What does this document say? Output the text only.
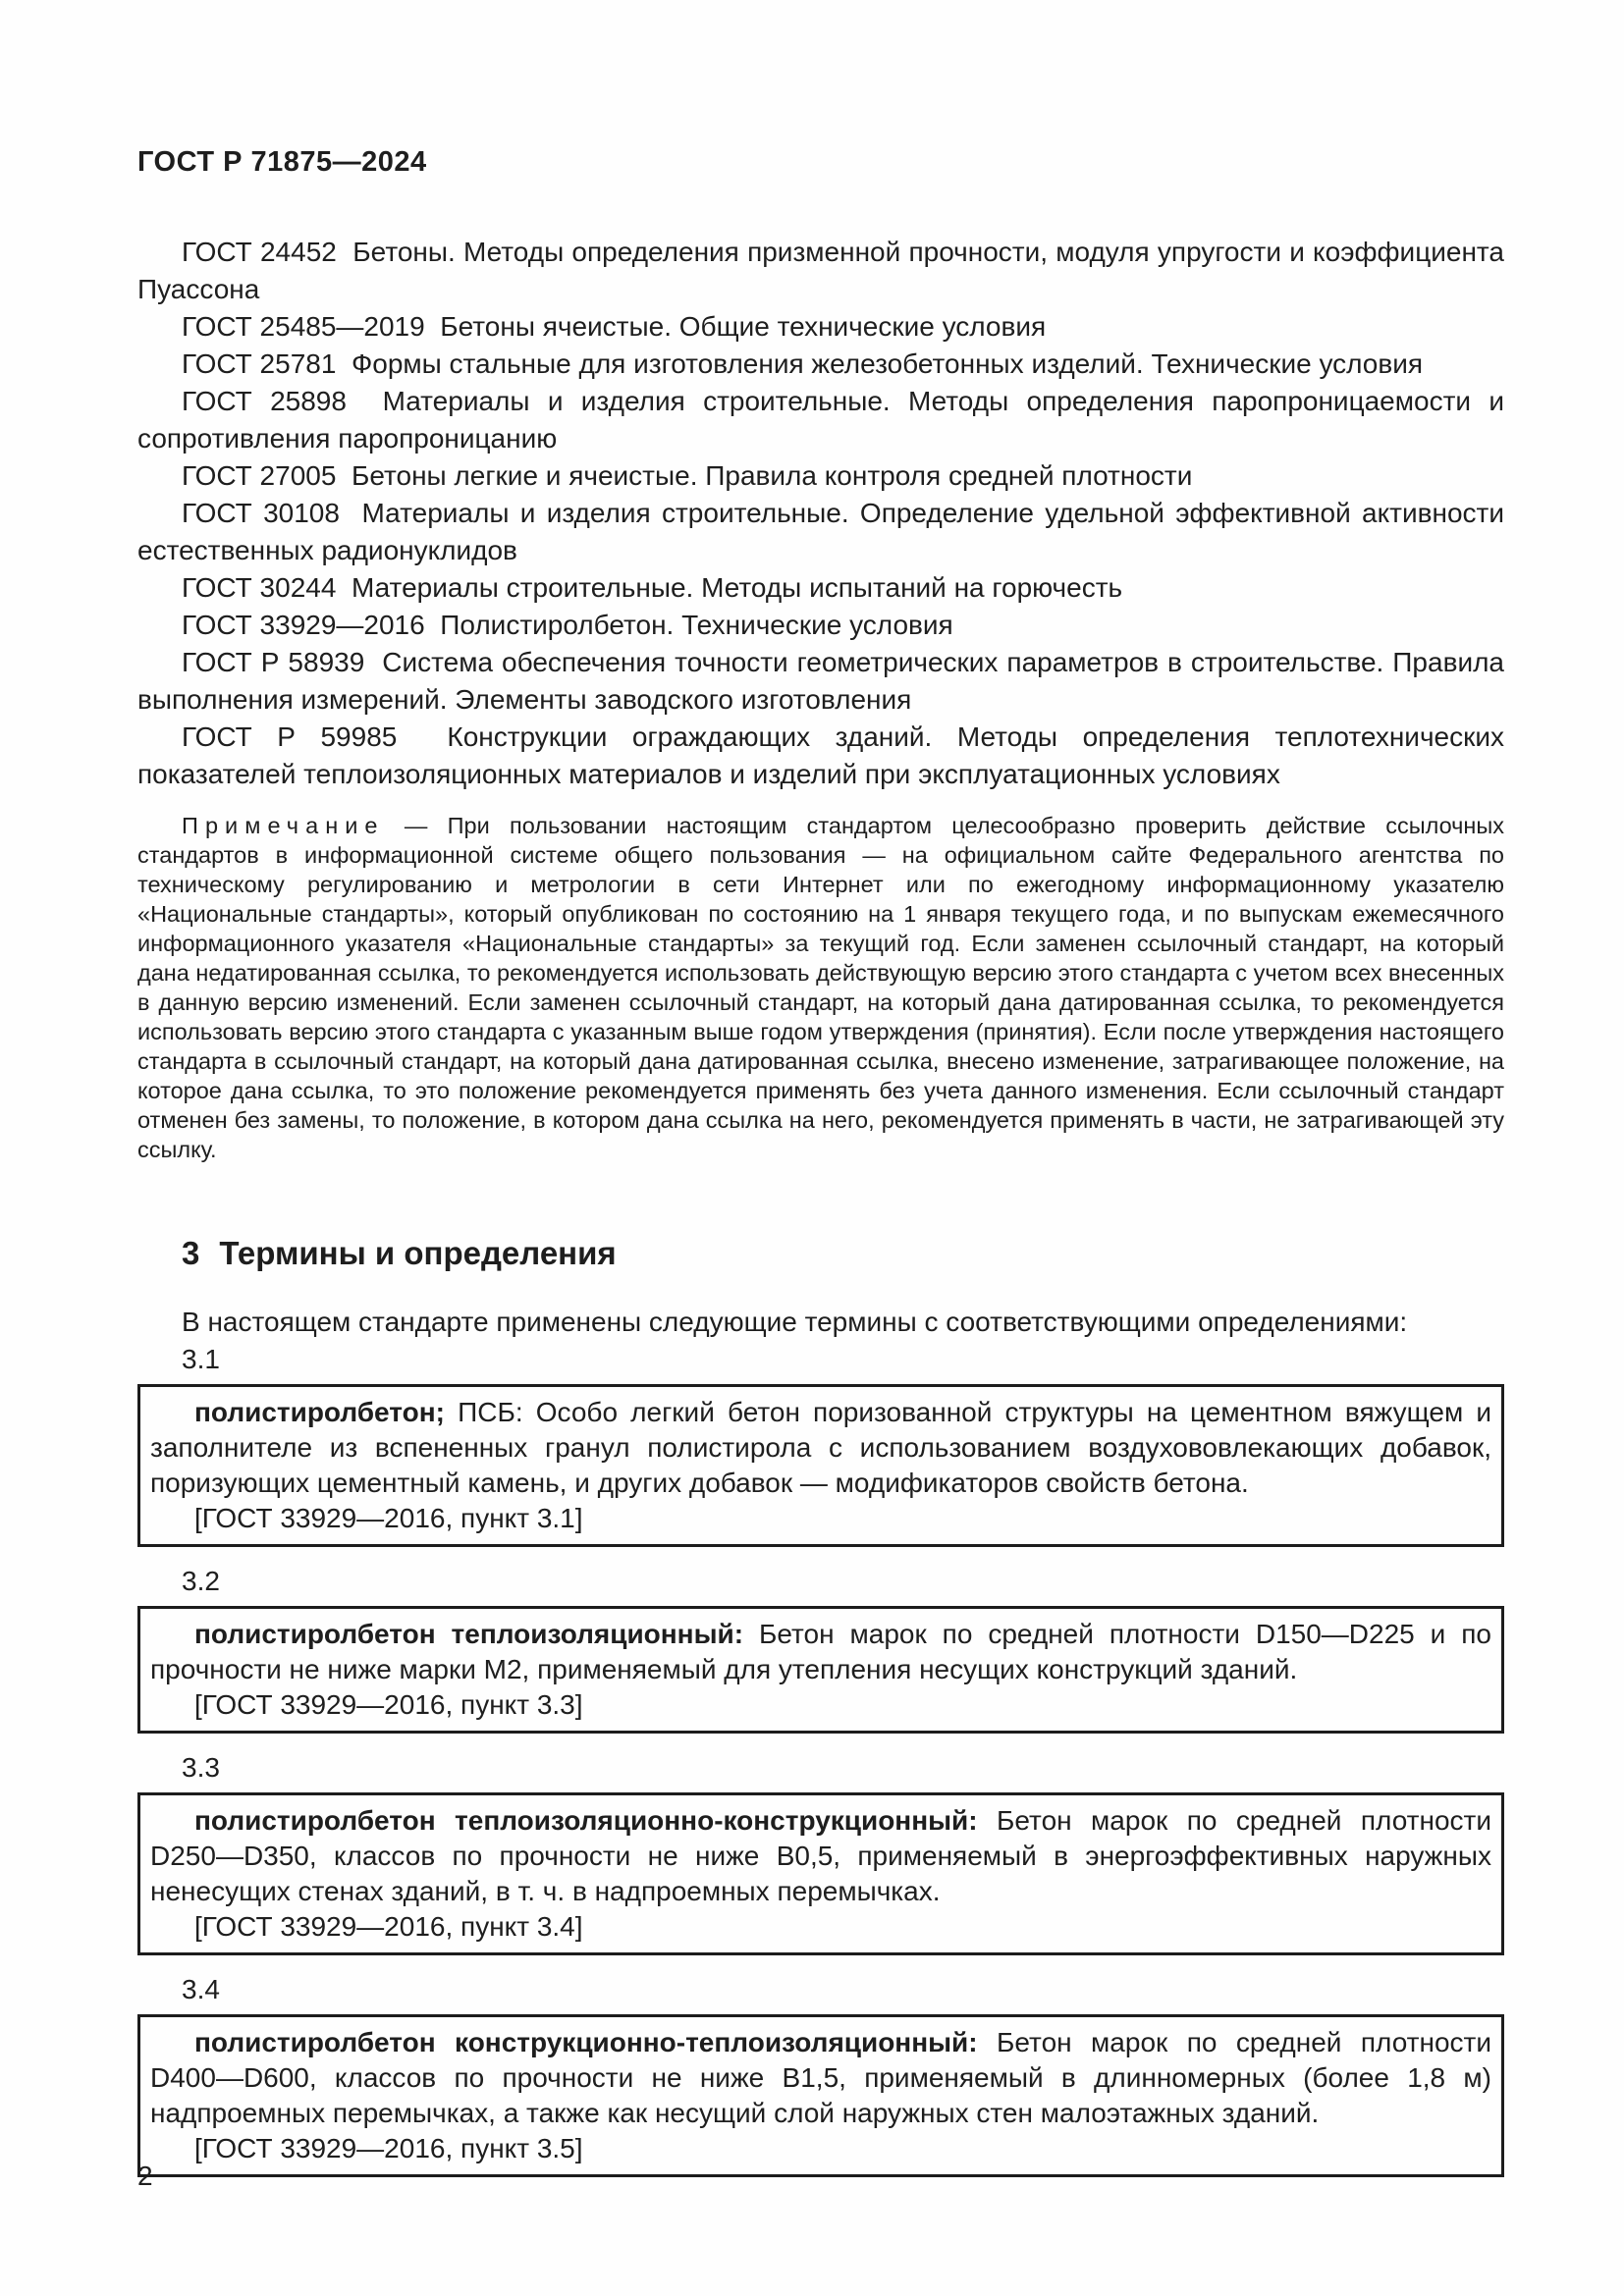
ГОСТ Р 71875—2024

ГОСТ 24452  Бетоны. Методы определения призменной прочности, модуля упругости и коэффициента Пуассона

ГОСТ 25485—2019  Бетоны ячеистые. Общие технические условия

ГОСТ 25781  Формы стальные для изготовления железобетонных изделий. Технические условия

ГОСТ 25898  Материалы и изделия строительные. Методы определения паропроницаемости и сопротивления паропроницанию

ГОСТ 27005  Бетоны легкие и ячеистые. Правила контроля средней плотности

ГОСТ 30108  Материалы и изделия строительные. Определение удельной эффективной активности естественных радионуклидов

ГОСТ 30244  Материалы строительные. Методы испытаний на горючесть

ГОСТ 33929—2016  Полистиролбетон. Технические условия

ГОСТ Р 58939  Система обеспечения точности геометрических параметров в строительстве. Правила выполнения измерений. Элементы заводского изготовления

ГОСТ Р 59985  Конструкции ограждающих зданий. Методы определения теплотехнических показателей теплоизоляционных материалов и изделий при эксплуатационных условиях

Примечание — При пользовании настоящим стандартом целесообразно проверить действие ссылочных стандартов в информационной системе общего пользования — на официальном сайте Федерального агентства по техническому регулированию и метрологии в сети Интернет или по ежегодному информационному указателю «Национальные стандарты», который опубликован по состоянию на 1 января текущего года, и по выпускам ежемесячного информационного указателя «Национальные стандарты» за текущий год. Если заменен ссылочный стандарт, на который дана недатированная ссылка, то рекомендуется использовать действующую версию этого стандарта с учетом всех внесенных в данную версию изменений. Если заменен ссылочный стандарт, на который дана датированная ссылка, то рекомендуется использовать версию этого стандарта с указанным выше годом утверждения (принятия). Если после утверждения настоящего стандарта в ссылочный стандарт, на который дана датированная ссылка, внесено изменение, затрагивающее положение, на которое дана ссылка, то это положение рекомендуется применять без учета данного изменения. Если ссылочный стандарт отменен без замены, то положение, в котором дана ссылка на него, рекомендуется применять в части, не затрагивающей эту ссылку.

3 Термины и определения

В настоящем стандарте применены следующие термины с соответствующими определениями:

3.1

полистиролбетон; ПСБ: Особо легкий бетон поризованной структуры на цементном вяжущем и заполнителе из вспененных гранул полистирола с использованием воздухововлекающих добавок, поризующих цементный камень, и других добавок — модификаторов свойств бетона.

[ГОСТ 33929—2016, пункт 3.1]

3.2

полистиролбетон теплоизоляционный: Бетон марок по средней плотности D150—D225 и по прочности не ниже марки М2, применяемый для утепления несущих конструкций зданий.

[ГОСТ 33929—2016, пункт 3.3]

3.3

полистиролбетон теплоизоляционно-конструкционный: Бетон марок по средней плотности D250—D350, классов по прочности не ниже В0,5, применяемый в энергоэффективных наружных ненесущих стенах зданий, в т. ч. в надпроемных перемычках.

[ГОСТ 33929—2016, пункт 3.4]

3.4

полистиролбетон конструкционно-теплоизоляционный: Бетон марок по средней плотности D400—D600, классов по прочности не ниже В1,5, применяемый в длинномерных (более 1,8 м) надпроемных перемычках, а также как несущий слой наружных стен малоэтажных зданий.

[ГОСТ 33929—2016, пункт 3.5]

2
